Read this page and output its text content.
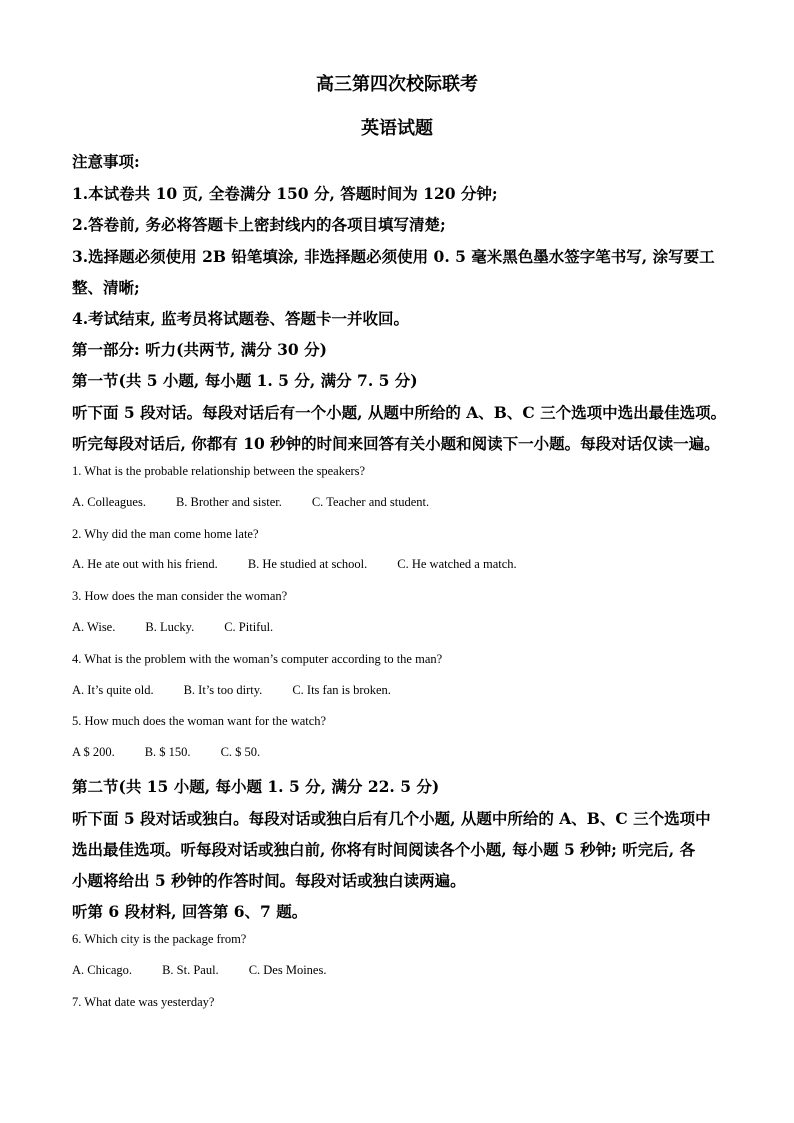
高三第四次校际联考
英语试题
注意事项:
1.本试卷共 10 页, 全卷满分 150 分, 答题时间为 120 分钟;
2.答卷前, 务必将答题卡上密封线内的各项目填写清楚;
3.选择题必须使用 2B 铅笔填涂, 非选择题必须使用 0. 5 毫米黑色墨水签字笔书写, 涂写要工
整、清晰;
4.考试结束, 监考员将试题卷、答题卡一并收回。
第一部分: 听力(共两节, 满分 30 分)
第一节(共 5 小题, 每小题 1. 5 分, 满分 7. 5 分)
听下面 5 段对话。每段对话后有一个小题, 从题中所给的 A、B、C 三个选项中选出最佳选项。
听完每段对话后, 你都有 10 秒钟的时间来回答有关小题和阅读下一小题。每段对话仅读一遍。
1. What is the probable relationship between the speakers?
A. Colleagues. B. Brother and sister. C. Teacher and student.
2. Why did the man come home late?
A. He ate out with his friend. B. He studied at school. C. He watched a match.
3. How does the man consider the woman?
A. Wise. B. Lucky. C. Pitiful.
4. What is the problem with the woman’s computer according to the man?
A. It’s quite old. B. It’s too dirty. C. Its fan is broken.
5. How much does the woman want for the watch?
A $ 200. B. $ 150. C. $ 50.
第二节(共 15 小题, 每小题 1. 5 分, 满分 22. 5 分)
听下面 5 段对话或独白。每段对话或独白后有几个小题, 从题中所给的 A、B、C 三个选项中
选出最佳选项。听每段对话或独白前, 你将有时间阅读各个小题, 每小题 5 秒钟; 听完后, 各
小题将给出 5 秒钟的作答时间。每段对话或独白读两遍。
听第 6 段材料, 回答第 6、7 题。
6. Which city is the package from?
A. Chicago. B. St. Paul. C. Des Moines.
7. What date was yesterday?
